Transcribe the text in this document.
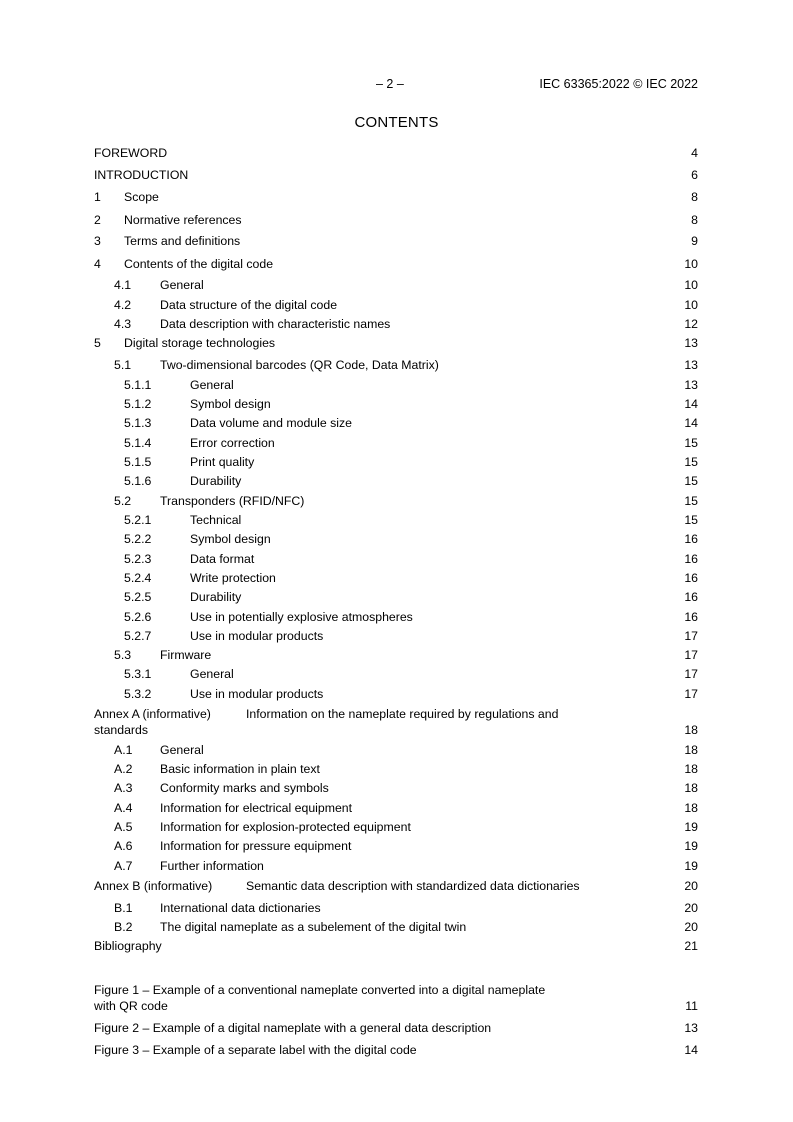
– 2 –	IEC 63365:2022 © IEC 2022
CONTENTS
FOREWORD	4
INTRODUCTION	6
1	Scope	8
2	Normative references	8
3	Terms and definitions	9
4	Contents of the digital code	10
4.1	General	10
4.2	Data structure of the digital code	10
4.3	Data description with characteristic names	12
5	Digital storage technologies	13
5.1	Two-dimensional barcodes (QR Code, Data Matrix)	13
5.1.1	General	13
5.1.2	Symbol design	14
5.1.3	Data volume and module size	14
5.1.4	Error correction	15
5.1.5	Print quality	15
5.1.6	Durability	15
5.2	Transponders (RFID/NFC)	15
5.2.1	Technical	15
5.2.2	Symbol design	16
5.2.3	Data format	16
5.2.4	Write protection	16
5.2.5	Durability	16
5.2.6	Use in potentially explosive atmospheres	16
5.2.7	Use in modular products	17
5.3	Firmware	17
5.3.1	General	17
5.3.2	Use in modular products	17
Annex A (informative)	Information on the nameplate required by regulations and
standards	18
A.1	General	18
A.2	Basic information in plain text	18
A.3	Conformity marks and symbols	18
A.4	Information for electrical equipment	18
A.5	Information for explosion-protected equipment	19
A.6	Information for pressure equipment	19
A.7	Further information	19
Annex B (informative)	Semantic data description with standardized data dictionaries	20
B.1	International data dictionaries	20
B.2	The digital nameplate as a subelement of the digital twin	20
Bibliography	21
Figure 1 – Example of a conventional nameplate converted into a digital nameplate
with QR code	11
Figure 2 – Example of a digital nameplate with a general data description	13
Figure 3 – Example of a separate label with the digital code	14
